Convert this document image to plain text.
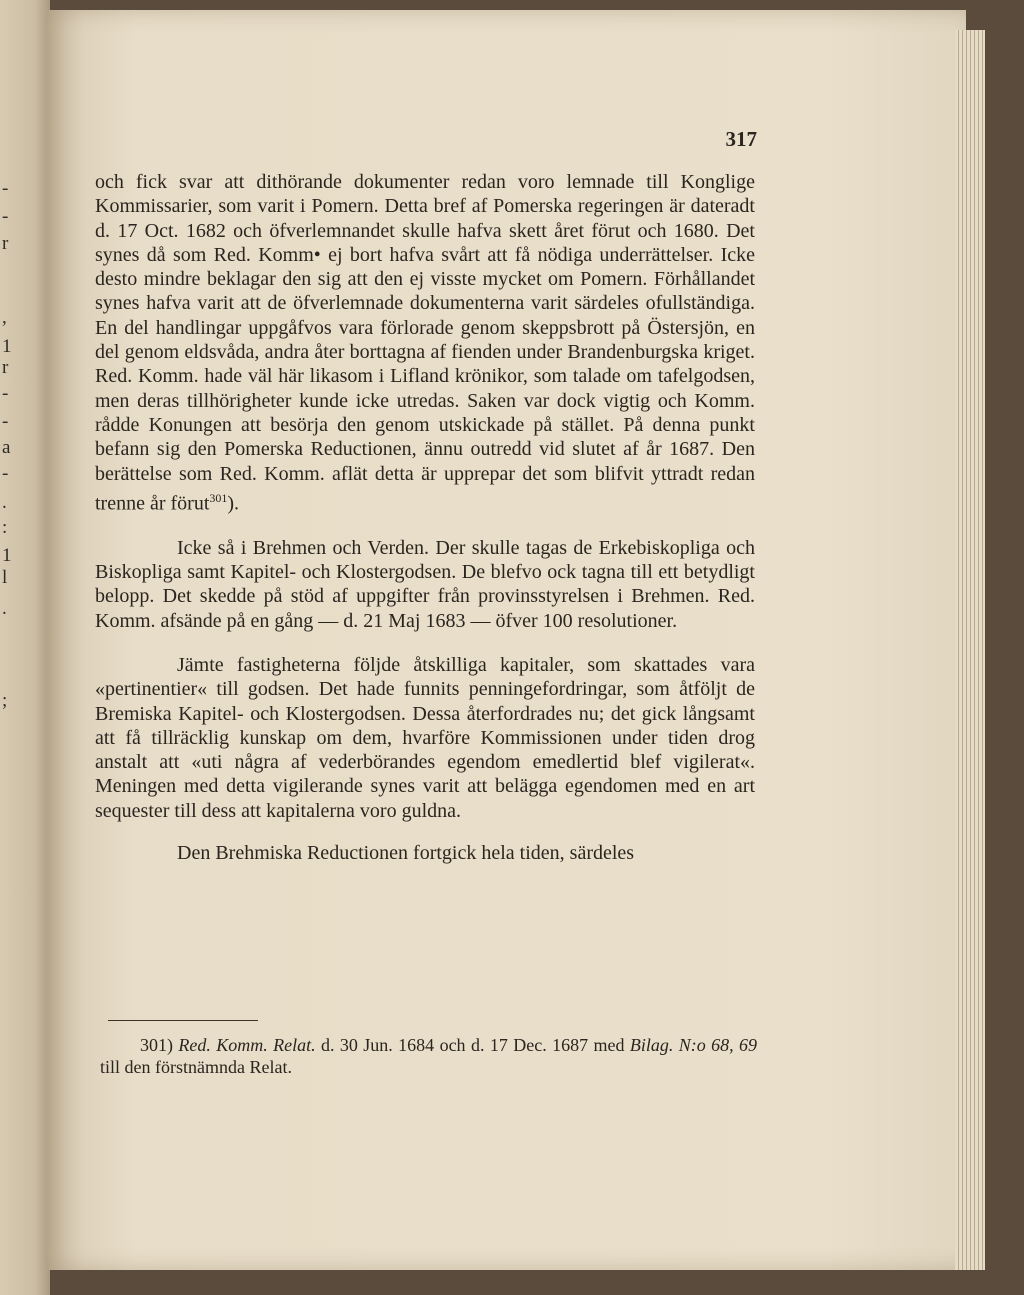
-
-
r
,
1
r
-
-
a
-
.
:
1
l
.
;
317

och fick svar att dithörande dokumenter redan voro lemnade till Konglige Kommissarier, som varit i Pomern. Detta bref af Pomerska regeringen är dateradt d. 17 Oct. 1682 och öfverlemnandet skulle hafva skett året förut och 1680. Det synes då som Red. Komm• ej bort hafva svårt att få nödiga underrättelser. Icke desto mindre beklagar den sig att den ej visste mycket om Pomern. Förhållandet synes hafva varit att de öfverlemnade dokumenterna varit särdeles ofullständiga. En del handlingar uppgåfvos vara förlorade genom skeppsbrott på Östersjön, en del genom eldsvåda, andra åter borttagna af fienden under Brandenburgska kriget. Red. Komm. hade väl här likasom i Lifland krönikor, som talade om tafelgodsen, men deras tillhörigheter kunde icke utredas. Saken var dock vigtig och Komm. rådde Konungen att besörja den genom utskickade på stället. På denna punkt befann sig den Pomerska Reductionen, ännu outredd vid slutet af år 1687. Den berättelse som Red. Komm. aflät detta är upprepar det som blifvit yttradt redan trenne år förut$^{301}$).

Icke så i Brehmen och Verden. Der skulle tagas de Erkebiskopliga och Biskopliga samt Kapitel- och Klostergodsen. De blefvo ock tagna till ett betydligt belopp. Det skedde på stöd af uppgifter från provinsstyrelsen i Brehmen. Red. Komm. afsände på en gång — d. 21 Maj 1683 — öfver 100 resolutioner.

Jämte fastigheterna följde åtskilliga kapitaler, som skattades vara «pertinentier« till godsen. Det hade funnits penningefordringar, som åtföljt de Bremiska Kapitel- och Klostergodsen. Dessa återfordrades nu; det gick långsamt att få tillräcklig kunskap om dem, hvarföre Kommissionen under tiden drog anstalt att «uti några af vederbörandes egendom emedlertid blef vigilerat«. Meningen med detta vigilerande synes varit att belägga egendomen med en art sequester till dess att kapitalerna voro guldna.

Den Brehmiska Reductionen fortgick hela tiden, särdeles

301) Red. Komm. Relat. d. 30 Jun. 1684 och d. 17 Dec. 1687 med Bilag. N:o 68, 69 till den förstnämnda Relat.
